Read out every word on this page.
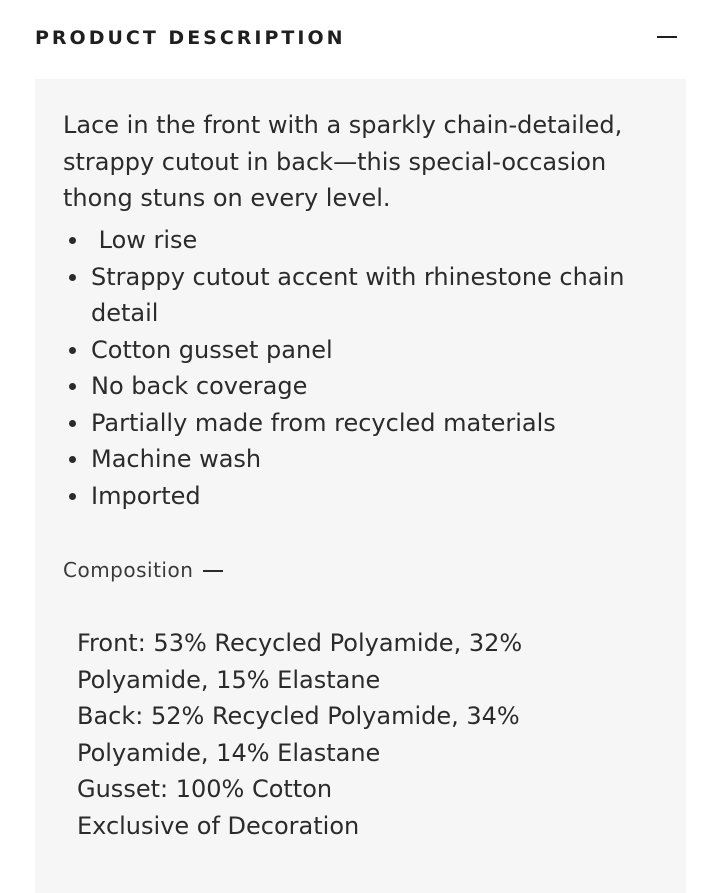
PRODUCT DESCRIPTION

Lace in the front with a sparkly chain-detailed, strappy cutout in back—this special-occasion thong stuns on every level.

Low rise
Strappy cutout accent with rhinestone chain detail
Cotton gusset panel
No back coverage
Partially made from recycled materials
Machine wash
Imported
Composition
Front: 53% Recycled Polyamide, 32% Polyamide, 15% Elastane
Back: 52% Recycled Polyamide, 34% Polyamide, 14% Elastane
Gusset: 100% Cotton
Exclusive of Decoration
